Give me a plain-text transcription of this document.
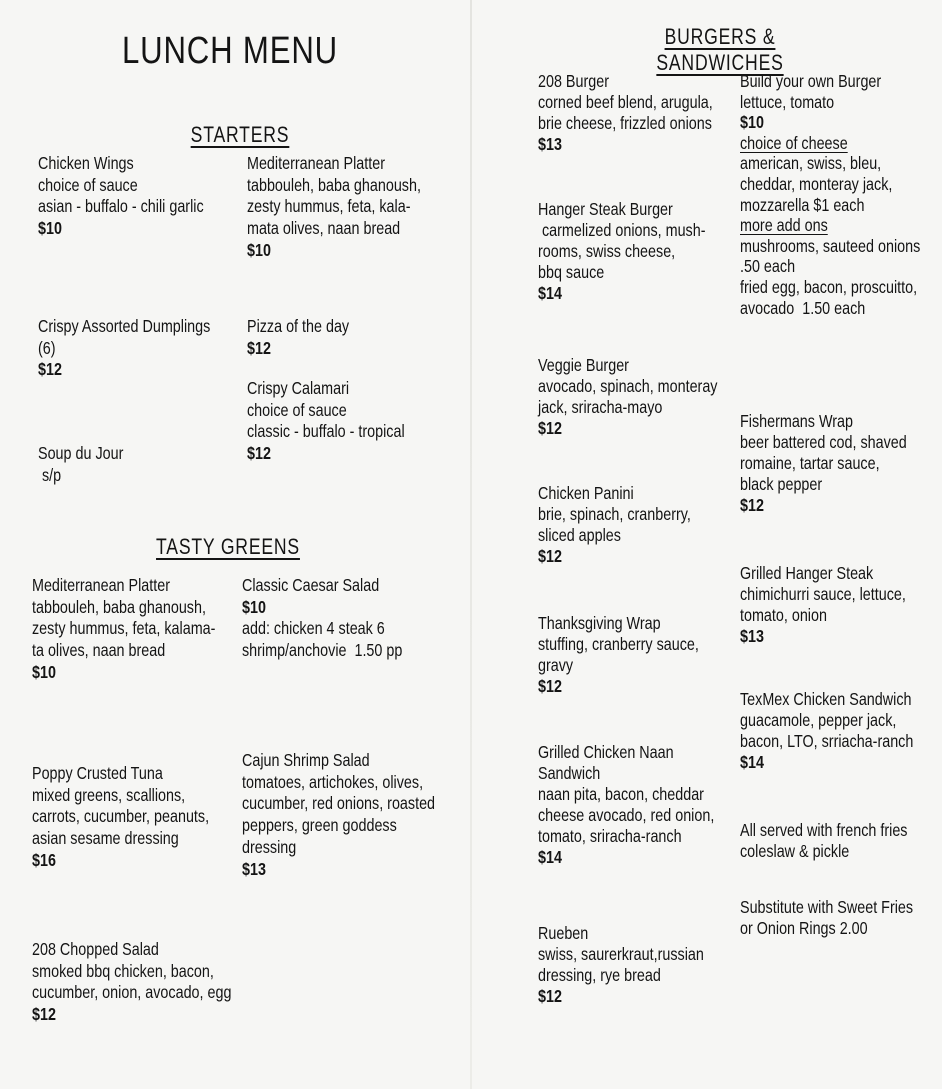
LUNCH MENU
STARTERS
Chicken Wings
choice of sauce
asian - buffalo - chili garlic
$10
Crispy Assorted Dumplings
(6)
$12
Soup du Jour
s/p
Mediterranean Platter
tabbouleh, baba ghanoush,
zesty hummus, feta, kala-
mata olives, naan bread
$10
Pizza of the day
$12
Crispy Calamari
choice of sauce
classic - buffalo - tropical
$12
TASTY GREENS
Mediterranean Platter
tabbouleh, baba ghanoush,
zesty hummus, feta, kalama-
ta olives, naan bread
$10
Poppy Crusted Tuna
mixed greens, scallions,
carrots, cucumber, peanuts,
asian sesame dressing
$16
208 Chopped Salad
smoked bbq chicken, bacon,
cucumber, onion, avocado, egg
$12
Classic Caesar Salad
$10
add: chicken 4 steak 6
shrimp/anchovie  1.50 pp
Cajun Shrimp Salad
tomatoes, artichokes, olives,
cucumber, red onions, roasted
peppers, green goddess
dressing
$13
BURGERS & SANDWICHES
208 Burger
corned beef blend, arugula,
brie cheese, frizzled onions
$13
Hanger Steak Burger
carmelized onions, mush-
rooms, swiss cheese,
bbq sauce
$14
Veggie Burger
avocado, spinach, monteray
jack, sriracha-mayo
$12
Chicken Panini
brie, spinach, cranberry,
sliced apples
$12
Thanksgiving Wrap
stuffing, cranberry sauce,
gravy
$12
Grilled Chicken Naan
Sandwich
naan pita, bacon, cheddar
cheese avocado, red onion,
tomato, sriracha-ranch
$14
Rueben
swiss, saurerkraut,russian
dressing, rye bread
$12
Build your own Burger
lettuce, tomato
$10
choice of cheese
american, swiss, bleu,
cheddar, monteray jack,
mozzarella $1 each
more add ons
mushrooms, sauteed onions
.50 each
fried egg, bacon, proscuitto,
avocado  1.50 each
Fishermans Wrap
beer battered cod, shaved
romaine, tartar sauce,
black pepper
$12
Grilled Hanger Steak
chimichurri sauce, lettuce,
tomato, onion
$13
TexMex Chicken Sandwich
guacamole, pepper jack,
bacon, LTO, srriacha-ranch
$14
All served with french fries
coleslaw & pickle
Substitute with Sweet Fries
or Onion Rings 2.00
